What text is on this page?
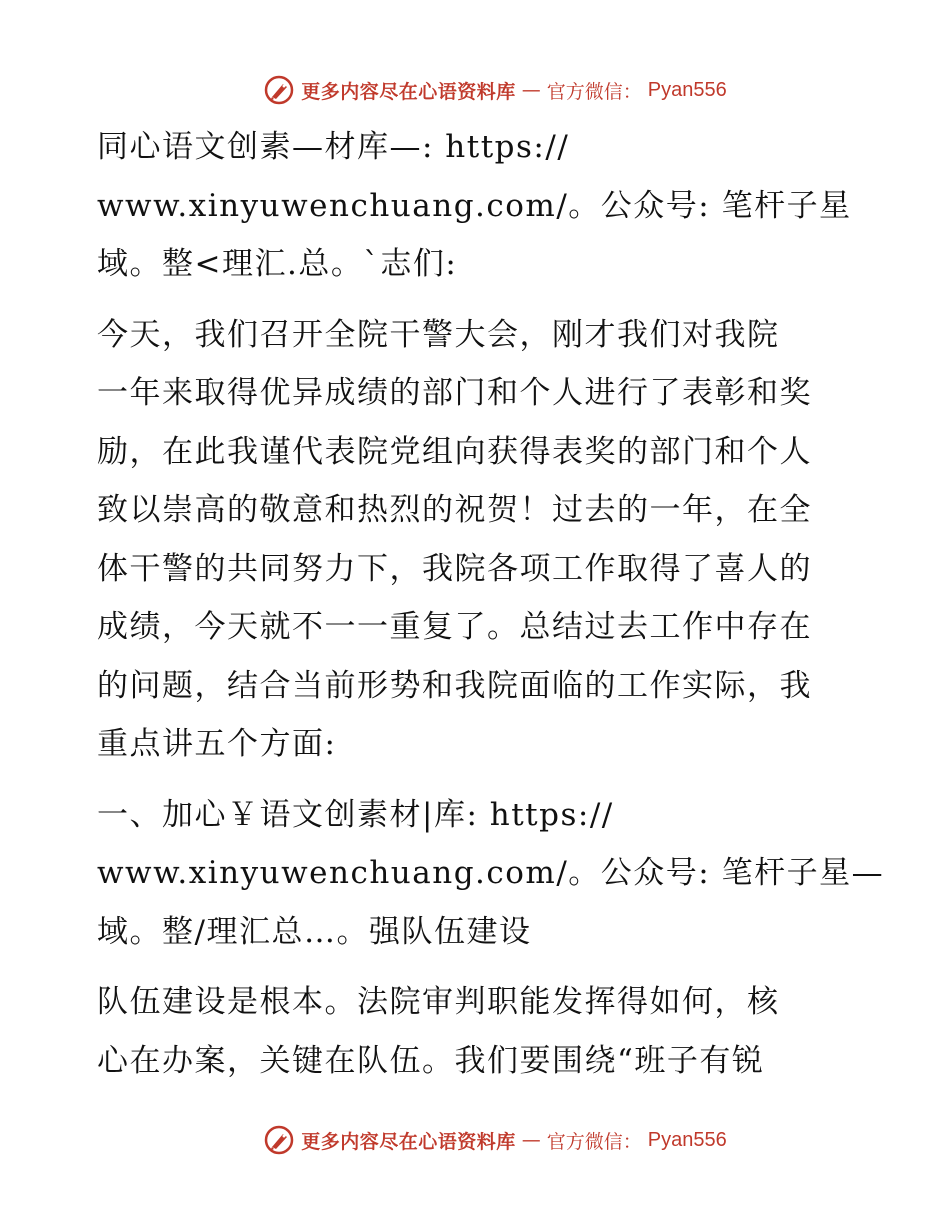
更多内容尽在心语资料库 — 官方微信： Pyan556

同心语文创素—材库—: https://
www.xinyuwenchuang.com/。公众号: 笔杆子星
域。整<理汇.总。`志们:

今天，我们召开全院干警大会，刚才我们对我院
一年来取得优异成绩的部门和个人进行了表彰和奖
励，在此我谨代表院党组向获得表奖的部门和个人
致以崇高的敬意和热烈的祝贺！过去的一年，在全
体干警的共同努力下，我院各项工作取得了喜人的
成绩，今天就不一一重复了。总结过去工作中存在
的问题，结合当前形势和我院面临的工作实际，我
重点讲五个方面:

一、加心￥语文创素材|库: https://
www.xinyuwenchuang.com/。公众号: 笔杆子星—
域。整/理汇总…。强队伍建设

队伍建设是根本。法院审判职能发挥得如何，核
心在办案，关键在队伍。我们要围绕“班子有锐

更多内容尽在心语资料库 — 官方微信： Pyan556
